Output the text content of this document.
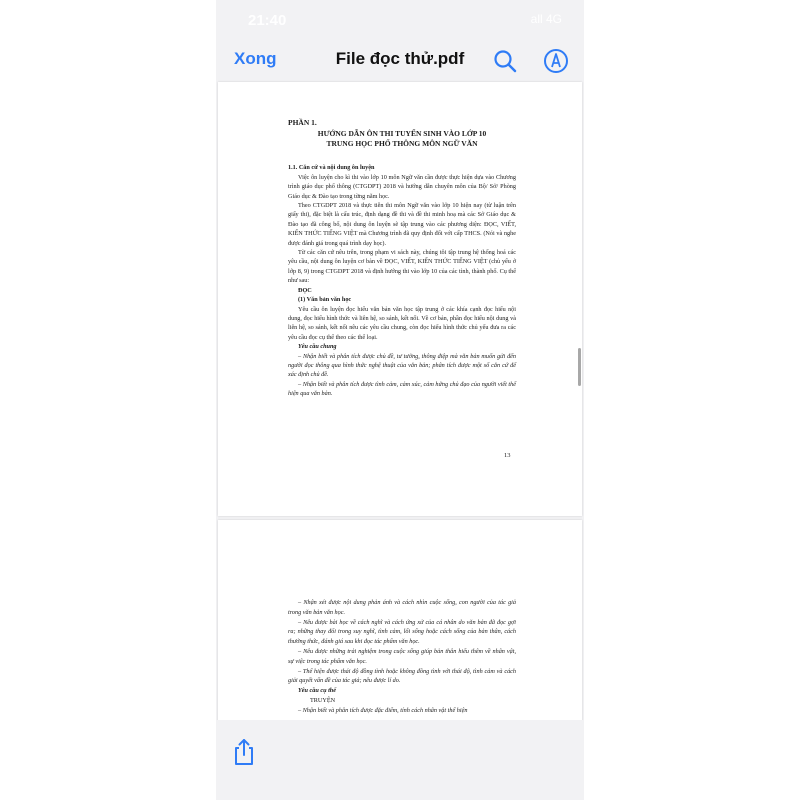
21:40	all 4G
Xong	File đọc thử.pdf
PHẦN 1.
HƯỚNG DẪN ÔN THI TUYỂN SINH VÀO LỚP 10
TRUNG HỌC PHỔ THÔNG MÔN NGỮ VĂN
1.1. Căn cứ và nội dung ôn luyện

Việc ôn luyện cho kì thi vào lớp 10 môn Ngữ văn cần được thực hiện dựa vào Chương trình giáo dục phổ thông (CTGDPT) 2018 và hướng dẫn chuyên môn của Bộ/ Sở/ Phòng Giáo dục & Đào tạo trong từng năm học.

Theo CTGDPT 2018 và thực tiễn thi môn Ngữ văn vào lớp 10 hiện nay (từ luận trên giấy thi), đặc biệt là cấu trúc, định dạng đề thi và đề thi minh hoạ mà các Sở Giáo dục & Đào tạo đã công bố, nội dung ôn luyện sẽ tập trung vào các phương diện: ĐỌC, VIẾT, KIẾN THỨC TIẾNG VIỆT mà Chương trình đã quy định đối với cấp THCS. (Nói và nghe được đánh giá trong quá trình dạy học).

Từ các căn cứ nêu trên, trong phạm vi sách này, chúng tôi tập trung hệ thống hoá các yêu cầu, nội dung ôn luyện cơ bản về ĐỌC, VIẾT, KIẾN THỨC TIẾNG VIỆT (chủ yếu ở lớp 8, 9) trong CTGDPT 2018 và định hướng thi vào lớp 10 của các tỉnh, thành phố. Cụ thể như sau:

ĐỌC
(1) Văn bản văn học

Yêu cầu ôn luyện đọc hiểu văn bản văn học tập trung ở các khía cạnh đọc hiểu nội dung, đọc hiểu hình thức và liên hệ, so sánh, kết nối. Về cơ bản, phần đọc hiểu nội dung và liên hệ, so sánh, kết nối nêu các yêu cầu chung, còn đọc hiểu hình thức chủ yếu đưa ra các yêu cầu đọc cụ thể theo các thể loại.

Yêu cầu chung

– Nhận biết và phân tích được chủ đề, tư tưởng, thông điệp mà văn bản muốn gửi đến người đọc thông qua hình thức nghệ thuật của văn bản; phân tích được một số căn cứ để xác định chủ đề.

– Nhận biết và phân tích được tình cảm, cảm xúc, cảm hứng chủ đạo của người viết thể hiện qua văn bản.

13

– Nhận xét được nội dung phản ánh và cách nhìn cuộc sống, con người của tác giả trong văn bản văn học.

– Nêu được bài học về cách nghĩ và cách ứng xử của cá nhân do văn bản đã đọc gợi ra; những thay đổi trong suy nghĩ, tình cảm, lối sống hoặc cách sống của bản thân, cách thưởng thức, đánh giá sau khi đọc tác phẩm văn học.

– Nêu được những trải nghiệm trong cuộc sống giúp bản thân hiểu thêm về nhân vật, sự việc trong tác phẩm văn học.

– Thể hiện được thái độ đồng tình hoặc không đồng tình với thái độ, tình cảm và cách giải quyết vấn đề của tác giả; nêu được lí do.

Yêu cầu cụ thể
TRUYỆN

– Nhận biết và phân tích được đặc điểm, tính cách nhân vật thể hiện
